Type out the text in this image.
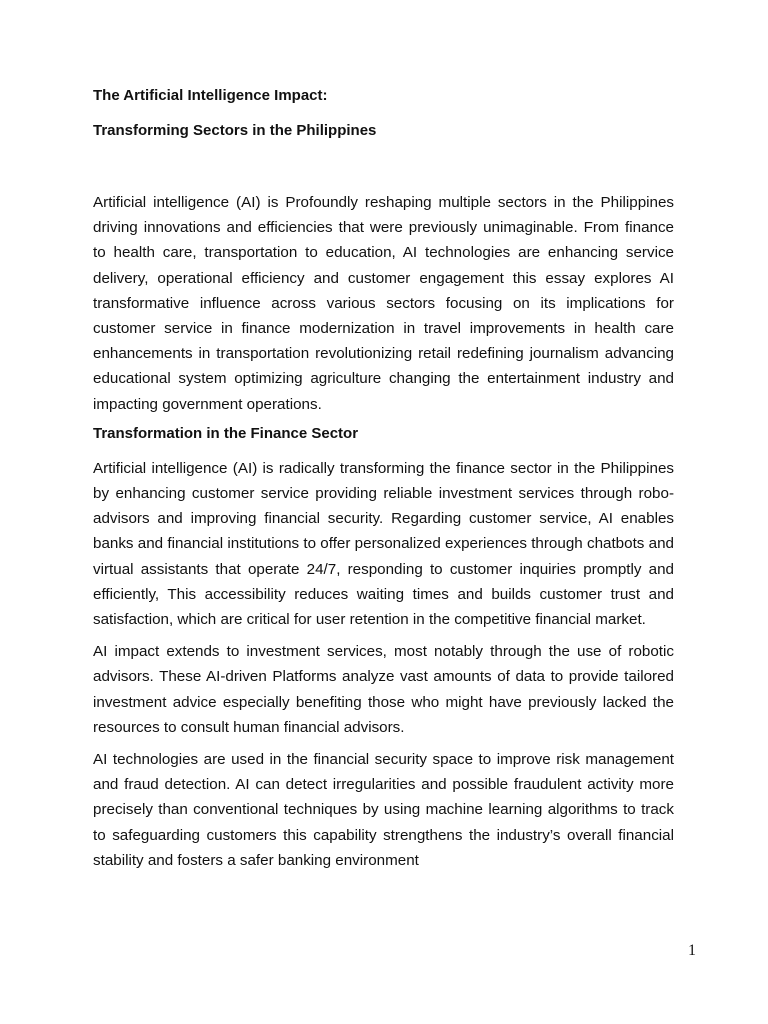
The Artificial Intelligence Impact:

Transforming Sectors in the Philippines

Artificial intelligence (AI) is Profoundly reshaping multiple sectors in the Philippines driving innovations and efficiencies that were previously unimaginable. From finance to health care, transportation to education, AI technologies are enhancing service delivery, operational efficiency and customer engagement this essay explores AI transformative influence across various sectors focusing on its implications for customer service in finance modernization in travel improvements in health care enhancements in transportation revolutionizing retail redefining journalism advancing educational system optimizing agriculture changing the entertainment industry and impacting government operations.

Transformation in the Finance Sector

Artificial intelligence (AI) is radically transforming the finance sector in the Philippines by enhancing customer service providing reliable investment services through robo-advisors and improving financial security. Regarding customer service, AI enables banks and financial institutions to offer personalized experiences through chatbots and virtual assistants that operate 24/7, responding to customer inquiries promptly and efficiently, This accessibility reduces waiting times and builds customer trust and satisfaction, which are critical for user retention in the competitive financial market.

AI impact extends to investment services, most notably through the use of robotic advisors. These AI-driven Platforms analyze vast amounts of data to provide tailored investment advice especially benefiting those who might have previously lacked the resources to consult human financial advisors.

AI technologies are used in the financial security space to improve risk management and fraud detection. AI can detect irregularities and possible fraudulent activity more precisely than conventional techniques by using machine learning algorithms to track to safeguarding customers this capability strengthens the industry’s overall financial stability and fosters a safer banking environment

1
